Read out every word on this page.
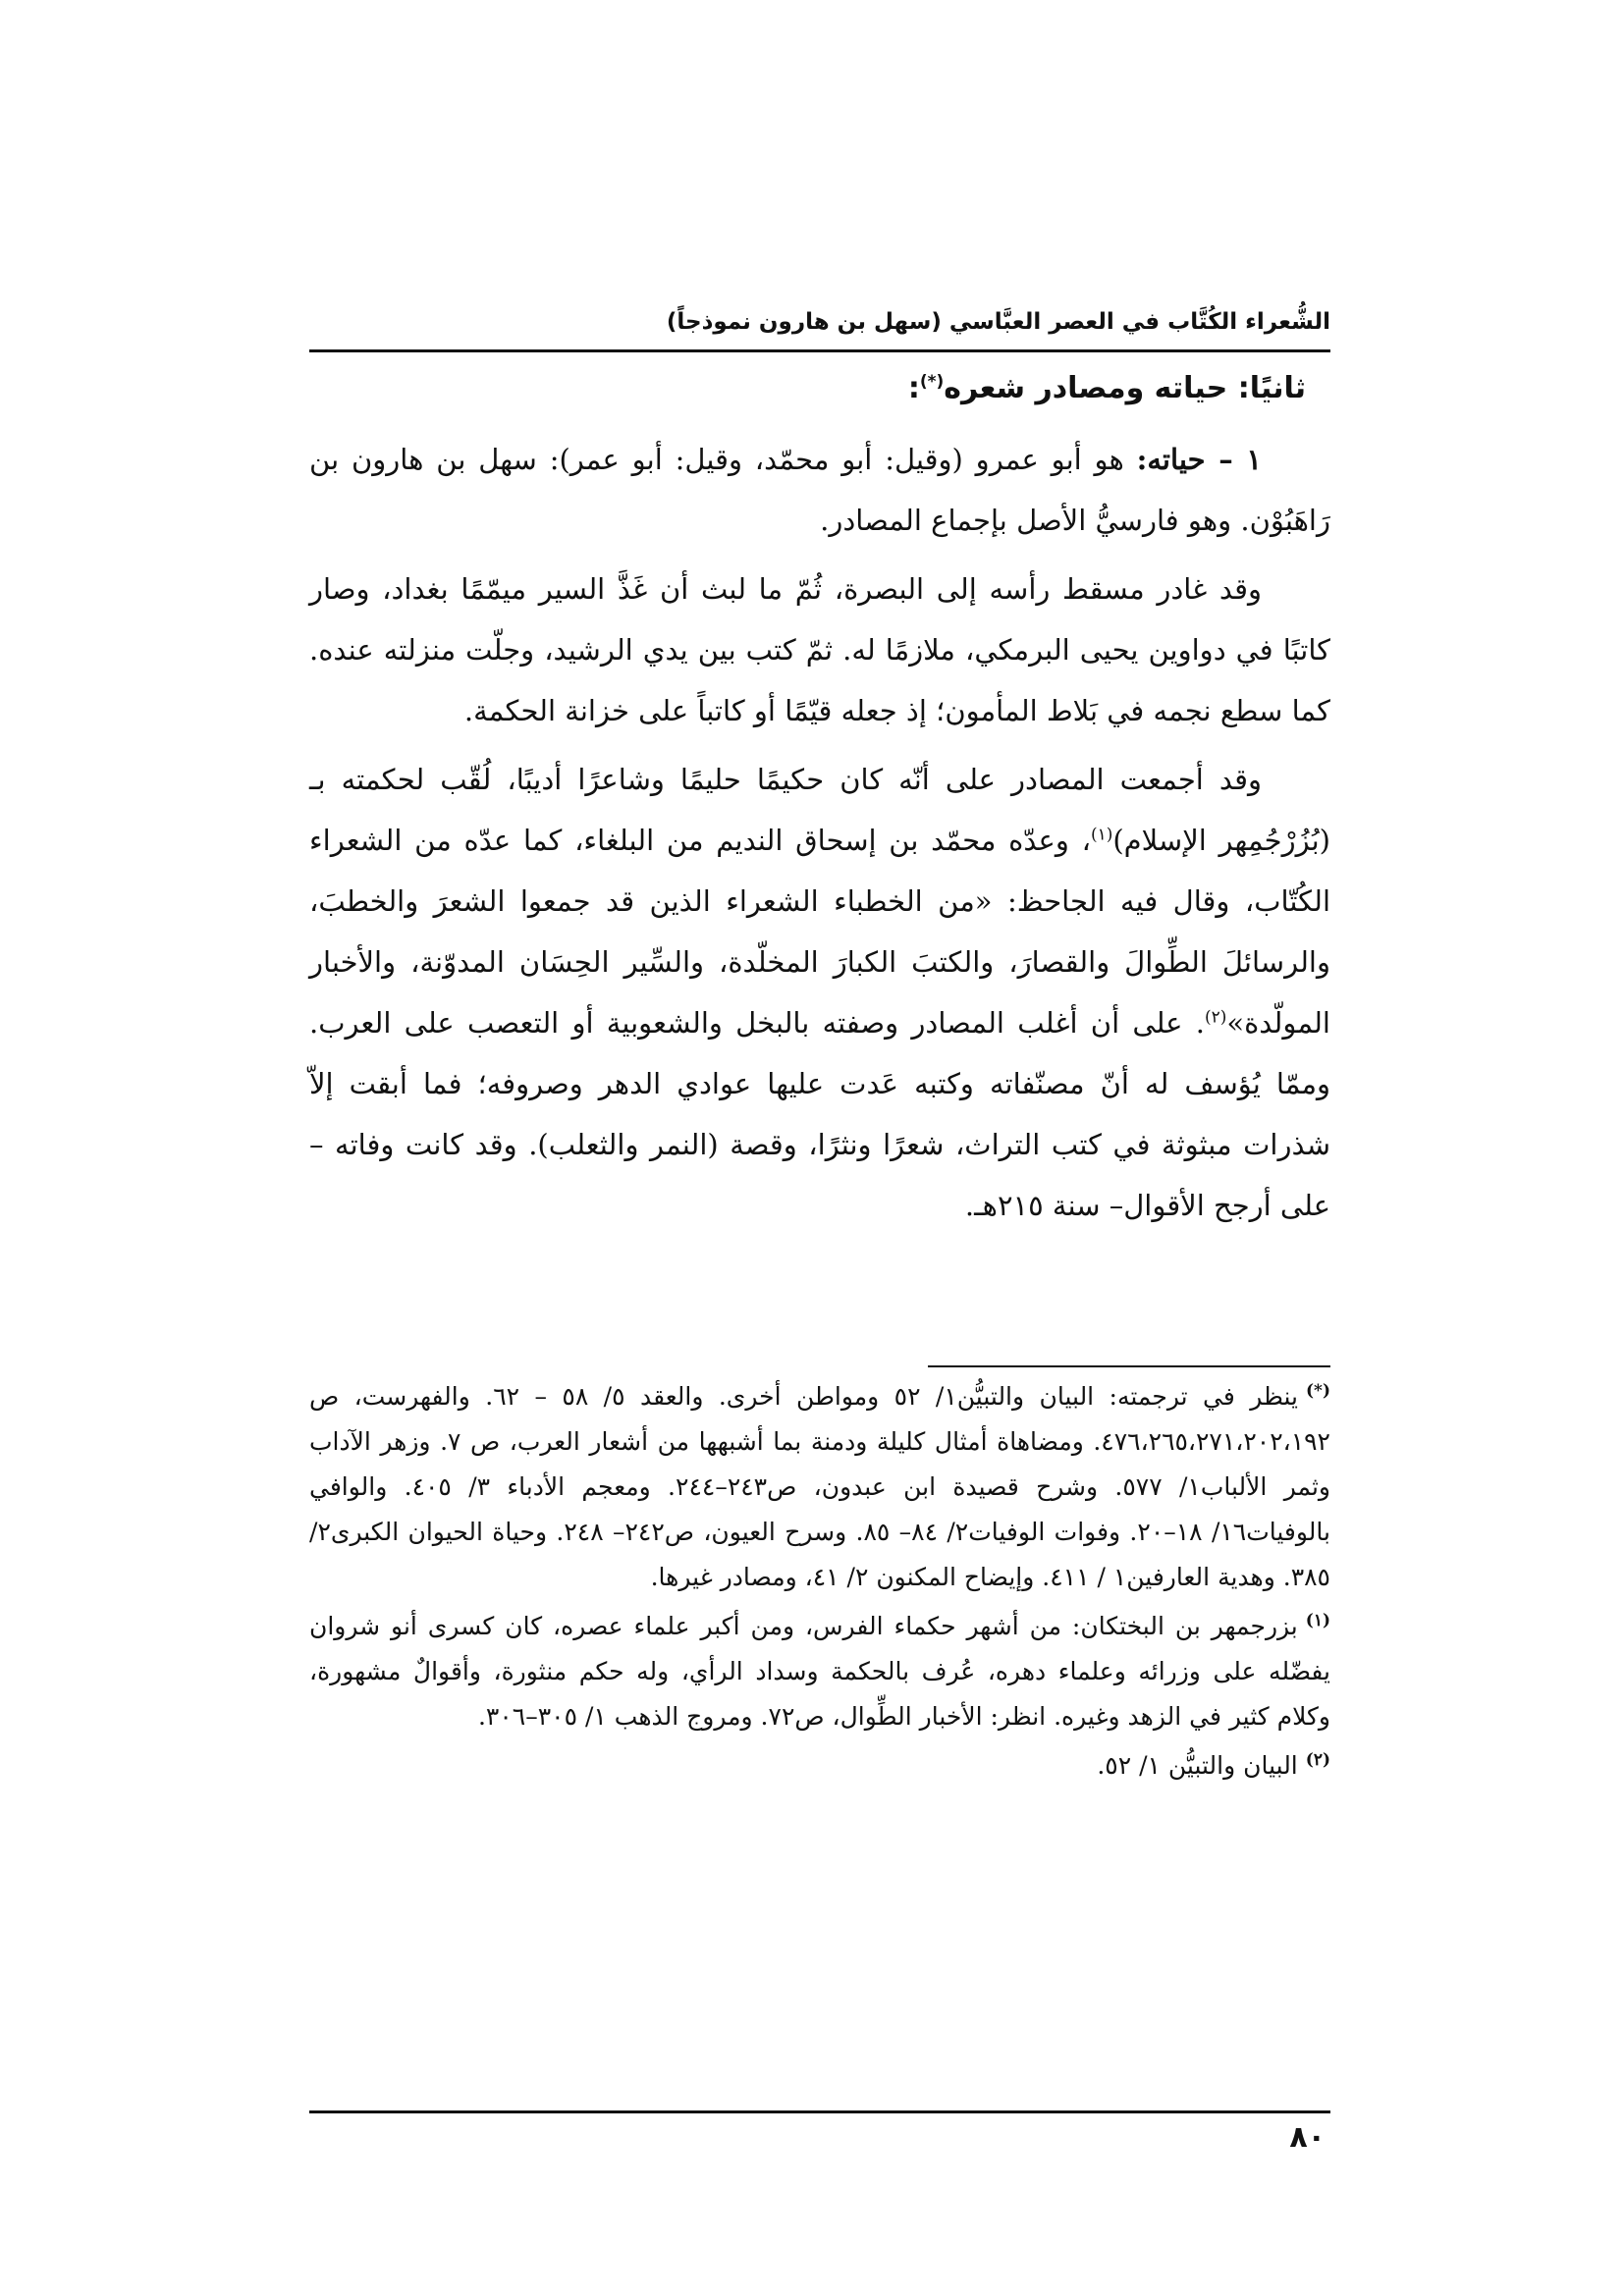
الشُّعراء الكُتَّاب في العصر العبَّاسي (سهل بن هارون نموذجاً)

ثانيًا: حياته ومصادر شعره(*):

١ – حياته: هو أبو عمرو (وقيل: أبو محمّد، وقيل: أبو عمر): سهل بن هارون بن رَاهَبُوْن. وهو فارسيُّ الأصل بإجماع المصادر.

وقد غادر مسقط رأسه إلى البصرة، ثُمّ ما لبث أن غَذَّ السير ميمّمًا بغداد، وصار كاتبًا في دواوين يحيى البرمكي، ملازمًا له. ثمّ كتب بين يدي الرشيد، وجلّت منزلته عنده. كما سطع نجمه في بَلاط المأمون؛ إذ جعله قيّمًا أو كاتباً على خزانة الحكمة.

وقد أجمعت المصادر على أنّه كان حكيمًا حليمًا وشاعرًا أديبًا، لُقّب لحكمته بـ (بُزُرْجُمِهر الإسلام)$^{(١)}$، وعدّه محمّد بن إسحاق النديم من البلغاء، كما عدّه من الشعراء الكُتّاب، وقال فيه الجاحظ: «من الخطباء الشعراء الذين قد جمعوا الشعرَ والخطبَ، والرسائلَ الطِّوالَ والقصارَ، والكتبَ الكبارَ المخلّدة، والسِّير الحِسَان المدوّنة، والأخبار المولّدة»$^{(٢)}$. على أن أغلب المصادر وصفته بالبخل والشعوبية أو التعصب على العرب. وممّا يُؤسف له أنّ مصنّفاته وكتبه عَدت عليها عوادي الدهر وصروفه؛ فما أبقت إلاّ شذرات مبثوثة في كتب التراث، شعرًا ونثرًا، وقصة (النمر والثعلب). وقد كانت وفاته – على أرجح الأقوال– سنة ٢١٥هـ.

(*)ينظر في ترجمته: البيان والتبيُّن١/ ٥٢ ومواطن أخرى. والعقد ٥/ ٥٨ – ٦٢. والفهرست، ص ٤٧٦،٢٦٥،٢٧١،٢٠٢،١٩٢. ومضاهاة أمثال كليلة ودمنة بما أشبهها من أشعار العرب، ص ٧. وزهر الآداب وثمر الألباب١/ ٥٧٧. وشرح قصيدة ابن عبدون، ص٢٤٣–٢٤٤. ومعجم الأدباء ٣/ ٤٠٥. والوافي بالوفيات١٦/ ١٨–٢٠. وفوات الوفيات٢/ ٨٤– ٨٥. وسرح العيون، ص٢٤٢– ٢٤٨. وحياة الحيوان الكبرى٢/ ٣٨٥. وهدية العارفين١ / ٤١١. وإيضاح المكنون ٢/ ٤١، ومصادر غيرها.

$^{(١)}$بزرجمهر بن البختكان: من أشهر حكماء الفرس، ومن أكبر علماء عصره، كان كسرى أنو شروان يفضّله على وزرائه وعلماء دهره، عُرف بالحكمة وسداد الرأي، وله حكم منثورة، وأقوالٌ مشهورة، وكلام كثير في الزهد وغيره. انظر: الأخبار الطِّوال، ص٧٢. ومروج الذهب ١/ ٣٠٥–٣٠٦.

$^{(٢)}$البيان والتبيُّن ١/ ٥٢.

٨٠
